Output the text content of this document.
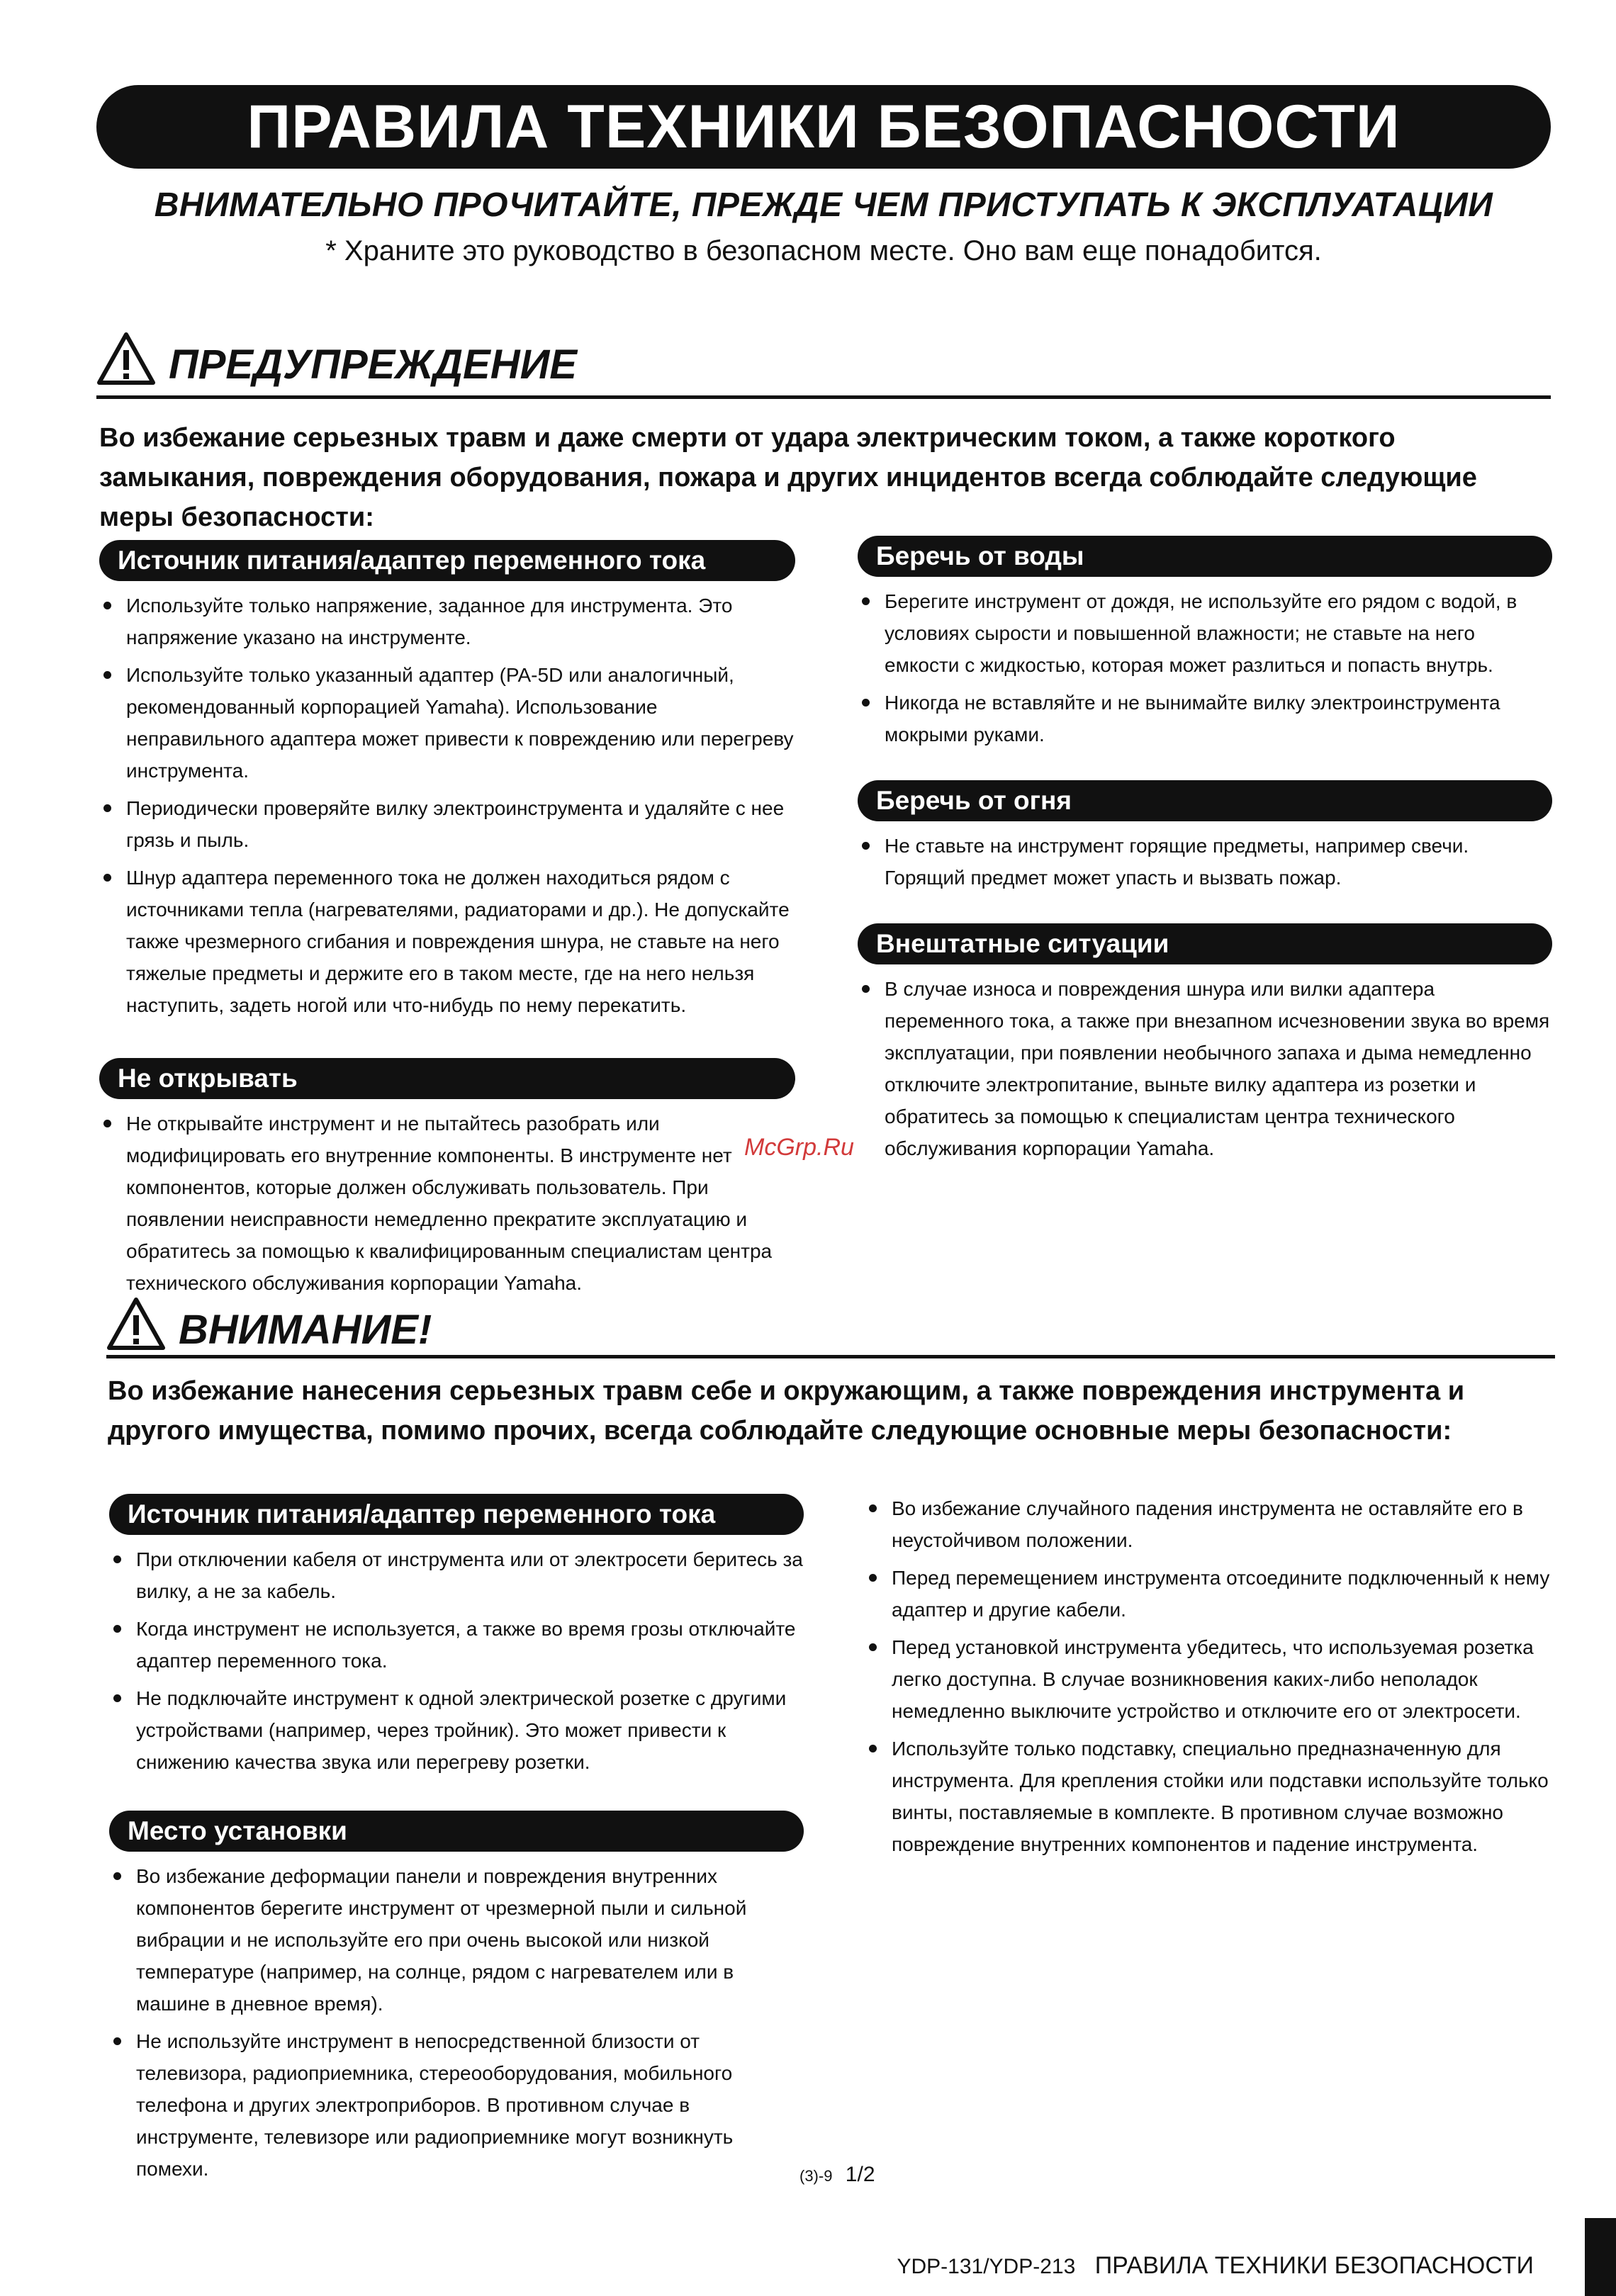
ПРАВИЛА ТЕХНИКИ БЕЗОПАСНОСТИ
ВНИМАТЕЛЬНО ПРОЧИТАЙТЕ, ПРЕЖДЕ ЧЕМ ПРИСТУПАТЬ К ЭКСПЛУАТАЦИИ
* Храните это руководство в безопасном месте. Оно вам еще понадобится.
ПРЕДУПРЕЖДЕНИЕ
Во избежание серьезных травм и даже смерти от удара электрическим током, а также короткого замыкания, повреждения оборудования, пожара и других инцидентов всегда соблюдайте следующие меры безопасности:
Источник питания/адаптер переменного тока
Используйте только напряжение, заданное для инструмента. Это напряжение указано на инструменте.
Используйте только указанный адаптер (PA-5D или аналогичный, рекомендованный корпорацией Yamaha). Использование неправильного адаптера может привести к повреждению или перегреву инструмента.
Периодически проверяйте вилку электроинструмента и удаляйте с нее грязь и пыль.
Шнур адаптера переменного тока не должен находиться рядом с источниками тепла (нагревателями, радиаторами и др.). Не допускайте также чрезмерного сгибания и повреждения шнура, не ставьте на него тяжелые предметы и держите его в таком месте, где на него нельзя наступить, задеть ногой или что-нибудь по нему перекатить.
Не открывать
Не открывайте инструмент и не пытайтесь разобрать или модифицировать его внутренние компоненты. В инструменте нет компонентов, которые должен обслуживать пользователь. При появлении неисправности немедленно прекратите эксплуатацию и обратитесь за помощью к квалифицированным специалистам центра технического обслуживания корпорации Yamaha.
Беречь от воды
Берегите инструмент от дождя, не используйте его рядом с водой, в условиях сырости и повышенной влажности; не ставьте на него емкости с жидкостью, которая может разлиться и попасть внутрь.
Никогда не вставляйте и не вынимайте вилку электроинструмента мокрыми руками.
Беречь от огня
Не ставьте на инструмент горящие предметы, например свечи. Горящий предмет может упасть и вызвать пожар.
Внештатные ситуации
В случае износа и повреждения шнура или вилки адаптера переменного тока, а также при внезапном исчезновении звука во время эксплуатации, при появлении необычного запаха и дыма немедленно отключите электропитание, выньте вилку адаптера из розетки и обратитесь за помощью к специалистам центра технического обслуживания корпорации Yamaha.
McGrp.Ru
ВНИМАНИЕ!
Во избежание нанесения серьезных травм себе и окружающим, а также повреждения инструмента и другого имущества, помимо прочих, всегда соблюдайте следующие основные меры безопасности:
Источник питания/адаптер переменного тока
При отключении кабеля от инструмента или от электросети беритесь за вилку, а не за кабель.
Когда инструмент не используется, а также во время грозы отключайте адаптер переменного тока.
Не подключайте инструмент к одной электрической розетке с другими устройствами (например, через тройник). Это может привести к снижению качества звука или перегреву розетки.
Место установки
Во избежание деформации панели и повреждения внутренних компонентов берегите инструмент от чрезмерной пыли и сильной вибрации и не используйте его при очень высокой или низкой температуре (например, на солнце, рядом с нагревателем или в машине в дневное время).
Не используйте инструмент в непосредственной близости от телевизора, радиоприемника, стереооборудования, мобильного телефона и других электроприборов. В противном случае в инструменте, телевизоре или радиоприемнике могут возникнуть помехи.
Во избежание случайного падения инструмента не оставляйте его в неустойчивом положении.
Перед перемещением инструмента отсоедините подключенный к нему адаптер и другие кабели.
Перед установкой инструмента убедитесь, что используемая розетка легко доступна. В случае возникновения каких-либо неполадок немедленно выключите устройство и отключите его от электросети.
Используйте только подставку, специально предназначенную для инструмента. Для крепления стойки или подставки используйте только винты, поставляемые в комплекте. В противном случае возможно повреждение внутренних компонентов и падение инструмента.
(3)-9 1/2
YDP-131/YDP-213 ПРАВИЛА ТЕХНИКИ БЕЗОПАСНОСТИ
